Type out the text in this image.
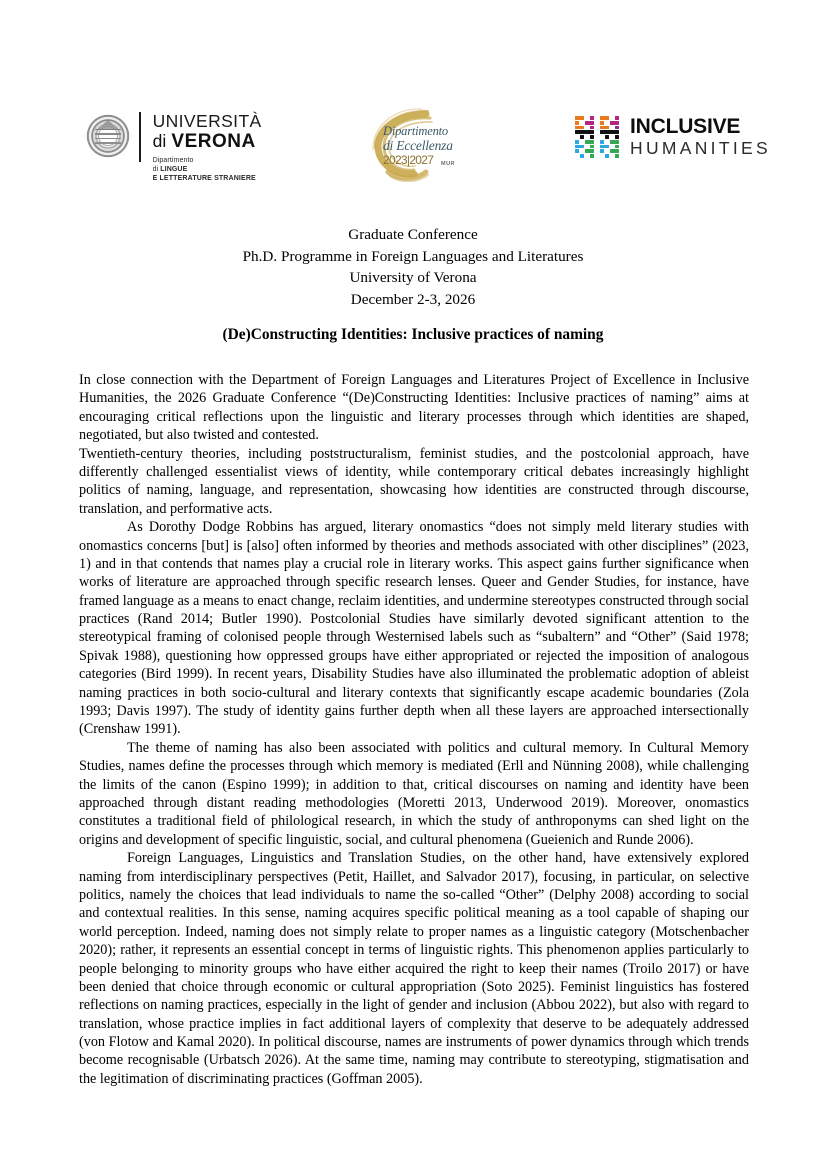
UNIVERSITÀ
di VERONA
Dipartimento
di LINGUE
E LETTERATURE STRANIERE
Dipartimento
di Eccellenza
2023|2027	MUR
INCLUSIVE
HUMANITIES
Graduate Conference
Ph.D. Programme in Foreign Languages and Literatures
University of Verona
December 2-3, 2026
(De)Constructing Identities: Inclusive practices of naming

In close connection with the Department of Foreign Languages and Literatures Project of Excellence in Inclusive Humanities, the 2026 Graduate Conference “(De)Constructing Identities: Inclusive practices of naming” aims at encouraging critical reflections upon the linguistic and literary processes through which identities are shaped, negotiated, but also twisted and contested.

Twentieth-century theories, including poststructuralism, feminist studies, and the postcolonial approach, have differently challenged essentialist views of identity, while contemporary critical debates increasingly highlight politics of naming, language, and representation, showcasing how identities are constructed through discourse, translation, and performative acts.

As Dorothy Dodge Robbins has argued, literary onomastics “does not simply meld literary studies with onomastics concerns [but] is [also] often informed by theories and methods associated with other disciplines” (2023, 1) and in that contends that names play a crucial role in literary works. This aspect gains further significance when works of literature are approached through specific research lenses. Queer and Gender Studies, for instance, have framed language as a means to enact change, reclaim identities, and undermine stereotypes constructed through social practices (Rand 2014; Butler 1990). Postcolonial Studies have similarly devoted significant attention to the stereotypical framing of colonised people through Westernised labels such as “subaltern” and “Other” (Said 1978; Spivak 1988), questioning how oppressed groups have either appropriated or rejected the imposition of analogous categories (Bird 1999). In recent years, Disability Studies have also illuminated the problematic adoption of ableist naming practices in both socio-cultural and literary contexts that significantly escape academic boundaries (Zola 1993; Davis 1997). The study of identity gains further depth when all these layers are approached intersectionally (Crenshaw 1991).

The theme of naming has also been associated with politics and cultural memory. In Cultural Memory Studies, names define the processes through which memory is mediated (Erll and Nünning 2008), while challenging the limits of the canon (Espino 1999); in addition to that, critical discourses on naming and identity have been approached through distant reading methodologies (Moretti 2013, Underwood 2019). Moreover, onomastics constitutes a traditional field of philological research, in which the study of anthroponyms can shed light on the origins and development of specific linguistic, social, and cultural phenomena (Gueienich and Runde 2006).

Foreign Languages, Linguistics and Translation Studies, on the other hand, have extensively explored naming from interdisciplinary perspectives (Petit, Haillet, and Salvador 2017), focusing, in particular, on selective politics, namely the choices that lead individuals to name the so-called “Other” (Delphy 2008) according to social and contextual realities. In this sense, naming acquires specific political meaning as a tool capable of shaping our world perception. Indeed, naming does not simply relate to proper names as a linguistic category (Motschenbacher 2020); rather, it represents an essential concept in terms of linguistic rights. This phenomenon applies particularly to people belonging to minority groups who have either acquired the right to keep their names (Troilo 2017) or have been denied that choice through economic or cultural appropriation (Soto 2025). Feminist linguistics has fostered reflections on naming practices, especially in the light of gender and inclusion (Abbou 2022), but also with regard to translation, whose practice implies in fact additional layers of complexity that deserve to be adequately addressed (von Flotow and Kamal 2020). In political discourse, names are instruments of power dynamics through which trends become recognisable (Urbatsch 2026). At the same time, naming may contribute to stereotyping, stigmatisation and the legitimation of discriminating practices (Goffman 2005).
